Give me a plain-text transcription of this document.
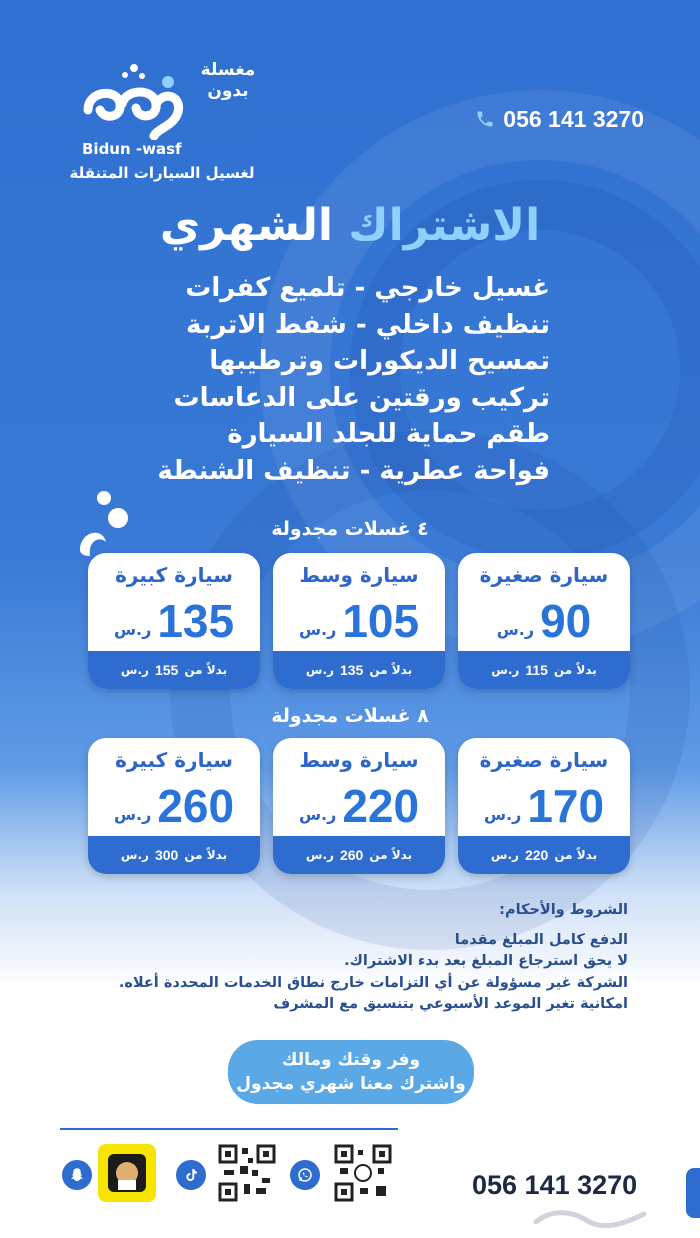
مغسلة
بدون
Bidun -wasf
لغسيل السيارات المتنقلة
056 141 3270
الاشتراك الشهري
غسيل خارجي - تلميع كفرات
تنظيف داخلي - شفط الاتربة
تمسيح الديكورات وترطيبها
تركيب ورقتين على الدعاسات
طقم حماية للجلد السيارة
فواحة عطرية - تنظيف الشنطة
٤ غسلات مجدولة
سيارة صغيرة
ر.س 90
بدلاً من
115
ر.س
سيارة وسط
ر.س 105
بدلاً من
135
ر.س
سيارة كبيرة
ر.س 135
بدلاً من
155
ر.س
٨ غسلات مجدولة
سيارة صغيرة
ر.س 170
بدلاً من
220
ر.س
سيارة وسط
ر.س 220
بدلاً من
260
ر.س
سيارة كبيرة
ر.س 260
بدلاً من
300
ر.س
الشروط والأحكام:
الدفع كامل المبلغ مقدما
لا يحق استرجاع المبلغ بعد بدء الاشتراك.
الشركة غير مسؤولة عن أي التزامات خارج نطاق الخدمات المحددة أعلاه.
امكانية تغير الموعد الأسبوعي بتنسيق مع المشرف
وفر وقتك ومالك
واشترك معنا شهري مجدول
056 141 3270
